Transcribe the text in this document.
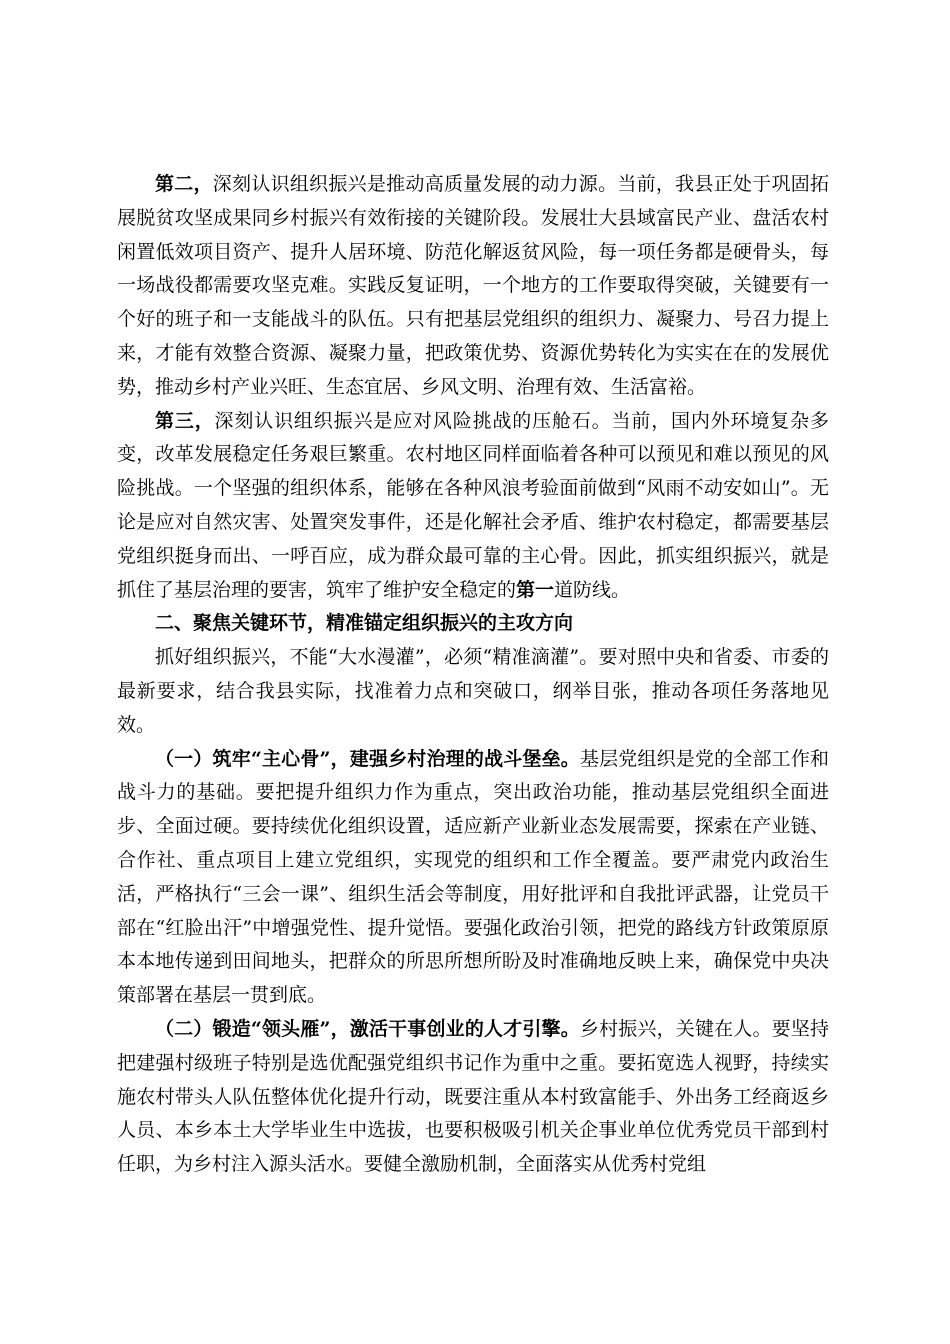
第二，深刻认识组织振兴是推动高质量发展的动力源。当前，我县正处于巩固拓展脱贫攻坚成果同乡村振兴有效衔接的关键阶段。发展壮大县域富民产业、盘活农村闲置低效项目资产、提升人居环境、防范化解返贫风险，每一项任务都是硬骨头，每一场战役都需要攻坚克难。实践反复证明，一个地方的工作要取得突破，关键要有一个好的班子和一支能战斗的队伍。只有把基层党组织的组织力、凝聚力、号召力提上来，才能有效整合资源、凝聚力量，把政策优势、资源优势转化为实实在在的发展优势，推动乡村产业兴旺、生态宜居、乡风文明、治理有效、生活富裕。

第三，深刻认识组织振兴是应对风险挑战的压舱石。当前，国内外环境复杂多变，改革发展稳定任务艰巨繁重。农村地区同样面临着各种可以预见和难以预见的风险挑战。一个坚强的组织体系，能够在各种风浪考验面前做到“风雨不动安如山”。无论是应对自然灾害、处置突发事件，还是化解社会矛盾、维护农村稳定，都需要基层党组织挺身而出、一呼百应，成为群众最可靠的主心骨。因此，抓实组织振兴，就是抓住了基层治理的要害，筑牢了维护安全稳定的第一道防线。

二、聚焦关键环节，精准锚定组织振兴的主攻方向

抓好组织振兴，不能“大水漫灌”，必须“精准滴灌”。要对照中央和省委、市委的最新要求，结合我县实际，找准着力点和突破口，纲举目张，推动各项任务落地见效。

（一）筑牢“主心骨”，建强乡村治理的战斗堡垒。基层党组织是党的全部工作和战斗力的基础。要把提升组织力作为重点，突出政治功能，推动基层党组织全面进步、全面过硬。要持续优化组织设置，适应新产业新业态发展需要，探索在产业链、合作社、重点项目上建立党组织，实现党的组织和工作全覆盖。要严肃党内政治生活，严格执行“三会一课”、组织生活会等制度，用好批评和自我批评武器，让党员干部在“红脸出汗”中增强党性、提升觉悟。要强化政治引领，把党的路线方针政策原原本本地传递到田间地头，把群众的所思所想所盼及时准确地反映上来，确保党中央决策部署在基层一贯到底。

（二）锻造“领头雁”，激活干事创业的人才引擎。乡村振兴，关键在人。要坚持把建强村级班子特别是选优配强党组织书记作为重中之重。要拓宽选人视野，持续实施农村带头人队伍整体优化提升行动，既要注重从本村致富能手、外出务工经商返乡人员、本乡本土大学毕业生中选拔，也要积极吸引机关企事业单位优秀党员干部到村任职，为乡村注入源头活水。要健全激励机制，全面落实从优秀村党组
